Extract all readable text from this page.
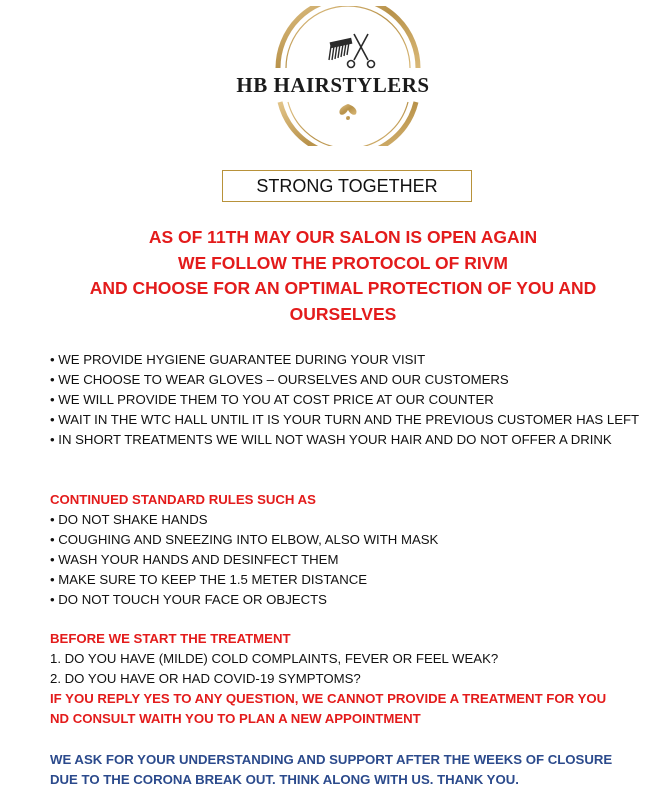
HB HAIRSTYLERS
STRONG TOGETHER
AS OF 11TH MAY OUR SALON IS OPEN AGAIN
WE FOLLOW THE PROTOCOL OF RIVM
AND CHOOSE FOR AN OPTIMAL PROTECTION OF YOU AND
OURSELVES
• WE PROVIDE HYGIENE GUARANTEE DURING YOUR VISIT
• WE CHOOSE TO WEAR GLOVES – OURSELVES AND OUR CUSTOMERS
• WE WILL PROVIDE THEM TO YOU AT COST PRICE AT OUR COUNTER
• WAIT IN THE WTC HALL UNTIL IT IS YOUR TURN AND THE PREVIOUS CUSTOMER HAS LEFT
• IN SHORT TREATMENTS WE WILL NOT WASH YOUR HAIR AND DO NOT OFFER A DRINK
CONTINUED STANDARD RULES SUCH AS
• DO NOT SHAKE HANDS
• COUGHING AND SNEEZING INTO ELBOW, ALSO WITH MASK
• WASH YOUR HANDS AND DESINFECT THEM
• MAKE SURE TO KEEP THE 1.5 METER DISTANCE
• DO NOT TOUCH YOUR FACE OR OBJECTS
BEFORE WE START THE TREATMENT
1. DO YOU HAVE (MILDE) COLD COMPLAINTS, FEVER OR FEEL WEAK?
2. DO YOU HAVE OR HAD COVID-19 SYMPTOMS?
IF YOU REPLY YES TO ANY QUESTION, WE CANNOT PROVIDE A TREATMENT FOR YOU
ND CONSULT WAITH YOU TO PLAN A NEW APPOINTMENT
WE ASK FOR YOUR UNDERSTANDING AND SUPPORT AFTER THE WEEKS OF CLOSURE
DUE TO THE CORONA BREAK OUT. THINK ALONG WITH US. THANK YOU.
